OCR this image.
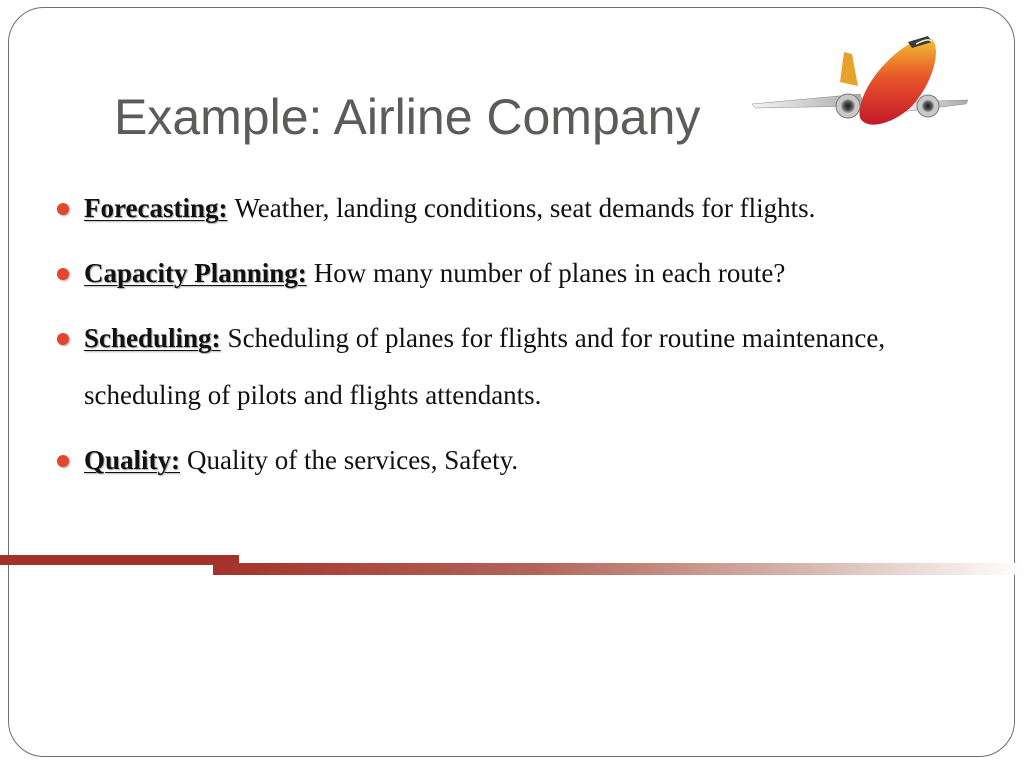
Example: Airline Company
Forecasting: Weather, landing conditions, seat demands for flights.
Capacity Planning: How many number of planes in each route?
Scheduling: Scheduling of planes for flights and for routine maintenance, scheduling of pilots and flights attendants.
Quality: Quality of the services, Safety.
